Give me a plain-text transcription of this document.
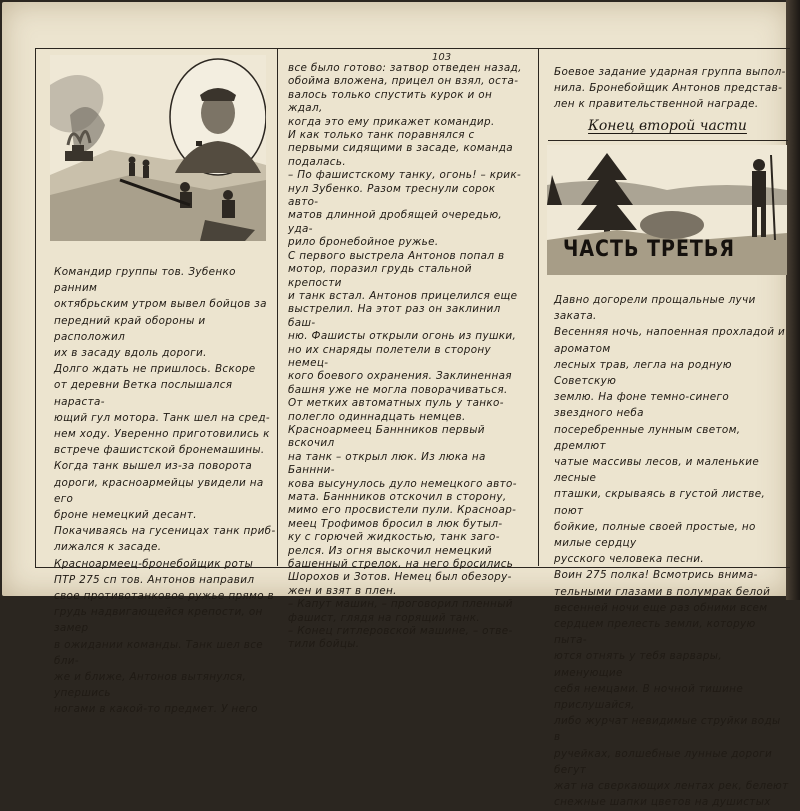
103

Командир группы тов. Зубенко ранним

октябрьским утром вывел бойцов за

передний край обороны и расположил

их в засаду вдоль дороги.

Долго ждать не пришлось. Вскоре

от деревни Ветка послышался нараста-

ющий гул мотора. Танк шел на сред-

нем ходу. Уверенно приготовились к

встрече фашистской бронемашины.

Когда танк вышел из-за поворота

дороги, красноармейцы увидели на его

броне немецкий десант.

Покачиваясь на гусеницах танк приб-

лижался к засаде.

Красноармеец-бронебойщик роты

ПТР 275 сп тов. Антонов направил

свое противотанковое ружье прямо в

грудь надвигающейся крепости, он замер

в ожидании команды. Танк шел все бли-

же и ближе, Антонов вытянулся, упершись

ногами в какой-то предмет. У него

все было готово: затвор отведен назад,

обойма вложена, прицел он взял, оста-

валось только спустить курок и он ждал,

когда это ему прикажет командир.

И как только танк поравнялся с

первыми сидящими в засаде, команда

подалась.

– По фашистскому танку, огонь! – крик-

нул Зубенко. Разом треснули сорок авто-

матов длинной дробящей очередью, уда-

рило бронебойное ружье.

С первого выстрела Антонов попал в

мотор, поразил грудь стальной крепости

и танк встал. Антонов прицелился еще

выстрелил. На этот раз он заклинил баш-

ню. Фашисты открыли огонь из пушки,

но их снаряды полетели в сторону немец-

кого боевого охранения. Заклиненная

башня уже не могла поворачиваться.

От метких автоматных пуль у танко-

полегло одиннадцать немцев.

Красноармеец Баннников первый вскочил

на танк – открыл люк. Из люка на Баннни-

кова высунулось дуло немецкого авто-

мата. Баннников отскочил в сторону,

мимо его просвистели пули. Красноар-

меец Трофимов бросил в люк бутыл-

ку с горючей жидкостью, танк заго-

релся. Из огня выскочил немецкий

башенный стрелок, на него бросились

Шорохов и Зотов. Немец был обезору-

жен и взят в плен.

– Капут машин, – проговорил пленный

фашист, глядя на горящий танк.

– Конец гитлеровской машине, – отве-

тили бойцы.

Боевое задание ударная группа выпол-

нила. Бронебойщик Антонов представ-

лен к правительственной награде.

Конец второй части
ЧАСТЬ ТРЕТЬЯ

Давно догорели прощальные лучи заката.

Весенняя ночь, напоенная прохладой и ароматом

лесных трав, легла на родную Советскую

землю. На фоне темно-синего звездного неба

посеребренные лунным светом, дремлют

чатые массивы лесов, и маленькие лесные

пташки, скрываясь в густой листве, поют

бойкие, полные своей простые, но милые сердцу

русского человека песни.

Воин 275 полка! Всмотрись внима-

тельными глазами в полумрак белой

весенней ночи еще раз обними всем

сердцем прелесть земли, которую пыта-

ются отнять у тебя варвары, именующие

себя немцами. В ночной тишине прислушайся,

либо журчат невидимые струйки воды в

ручейках, волшебные лунные дороги бегут

жат на сверкающих лентах рек, белеют

снежные шапки цветов на душистых
